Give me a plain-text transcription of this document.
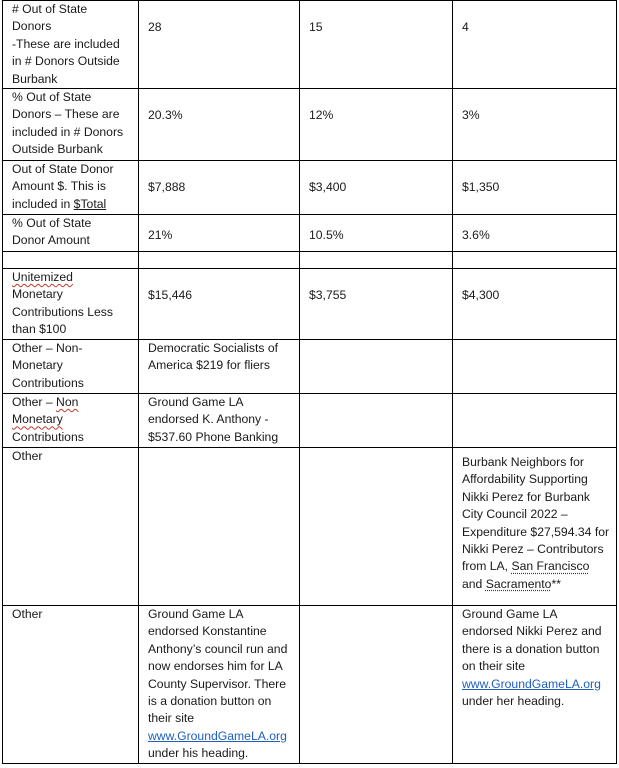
# Out of State
Donors
-These are included
in # Donors Outside
Burbank	28	15	4
% Out of State
Donors – These are
included in # Donors
Outside Burbank	20.3%	12%	3%
Out of State Donor
Amount $. This is
included in $Total	$7,888	$3,400	$1,350
% Out of State
Donor Amount	21%	10.5%	3.6%

Unitemized
Monetary
Contributions Less
than $100	$15,446	$3,755	$4,300
Other – Non-
Monetary
Contributions	Democratic Socialists of America $219 for fliers		
Other – Non
Monetary
Contributions	Ground Game LA endorsed K. Anthony - $537.60 Phone Banking		
Other			Burbank Neighbors for Affordability Supporting Nikki Perez for Burbank City Council 2022 – Expenditure $27,594.34 for Nikki Perez – Contributors from LA, San Francisco and Sacramento**
Other	Ground Game LA endorsed Konstantine Anthony’s council run and now endorses him for LA County Supervisor. There is a donation button on their site
www.GroundGameLA.org
under his heading.		Ground Game LA endorsed Nikki Perez and there is a donation button on their site
www.GroundGameLA.org
under her heading.
